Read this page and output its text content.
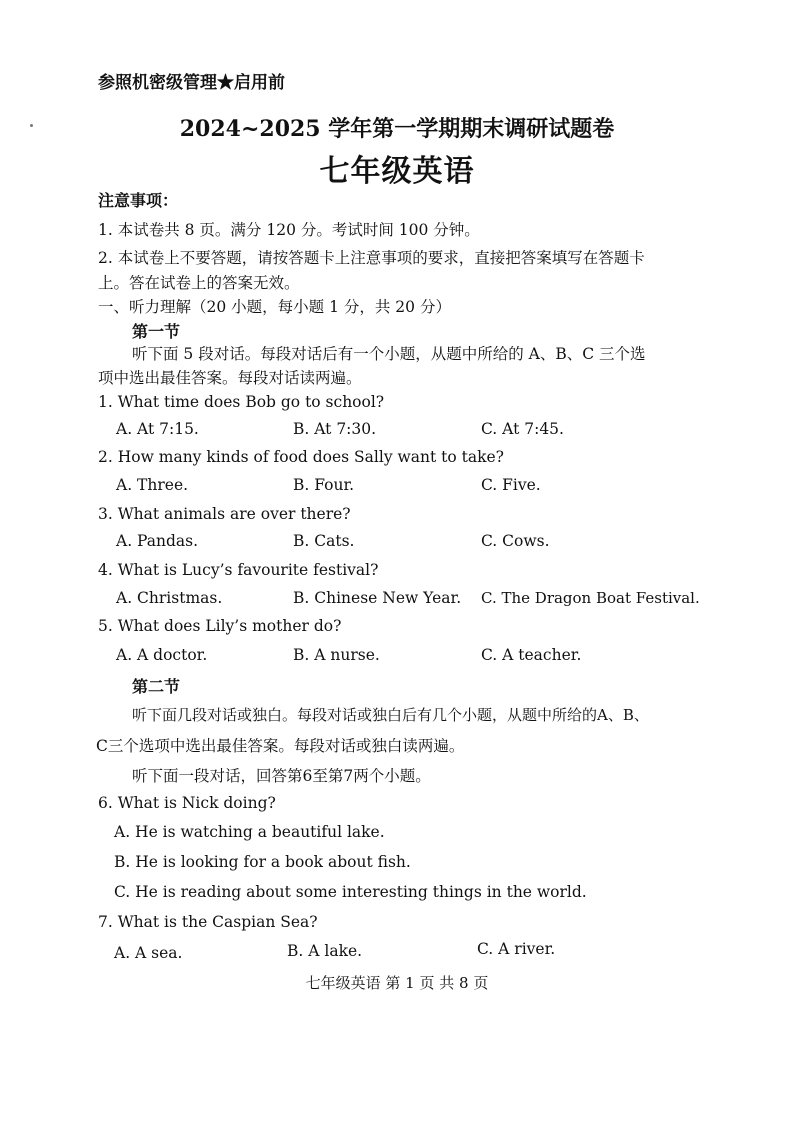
参照机密级管理★启用前
2024~2025 学年第一学期期末调研试题卷
七年级英语
注意事项：
1. 本试卷共 8 页。满分 120 分。考试时间 100 分钟。
2. 本试卷上不要答题，请按答题卡上注意事项的要求，直接把答案填写在答题卡
上。答在试卷上的答案无效。
一、听力理解（20 小题，每小题 1 分，共 20 分）
第一节
听下面 5 段对话。每段对话后有一个小题，从题中所给的 A、B、C 三个选
项中选出最佳答案。每段对话读两遍。
1. What time does Bob go to school?
A. At 7:15.	B. At 7:30.	C. At 7:45.
2. How many kinds of food does Sally want to take?
A. Three.	B. Four.	C. Five.
3. What animals are over there?
A. Pandas.	B. Cats.	C. Cows.
4. What is Lucy’s favourite festival?
A. Christmas.	B. Chinese New Year. C. The Dragon Boat Festival.
5. What does Lily’s mother do?
A. A doctor.	B. A nurse.	C. A teacher.
第二节
听下面几段对话或独白。每段对话或独白后有几个小题，从题中所给的A、B、
C三个选项中选出最佳答案。每段对话或独白读两遍。
听下面一段对话，回答第6至第7两个小题。
6. What is Nick doing?
A. He is watching a beautiful lake.
B. He is looking for a book about fish.
C. He is reading about some interesting things in the world.
7. What is the Caspian Sea?
A. A sea.	B. A lake.	C. A river.
七年级英语 第 1 页 共 8 页
